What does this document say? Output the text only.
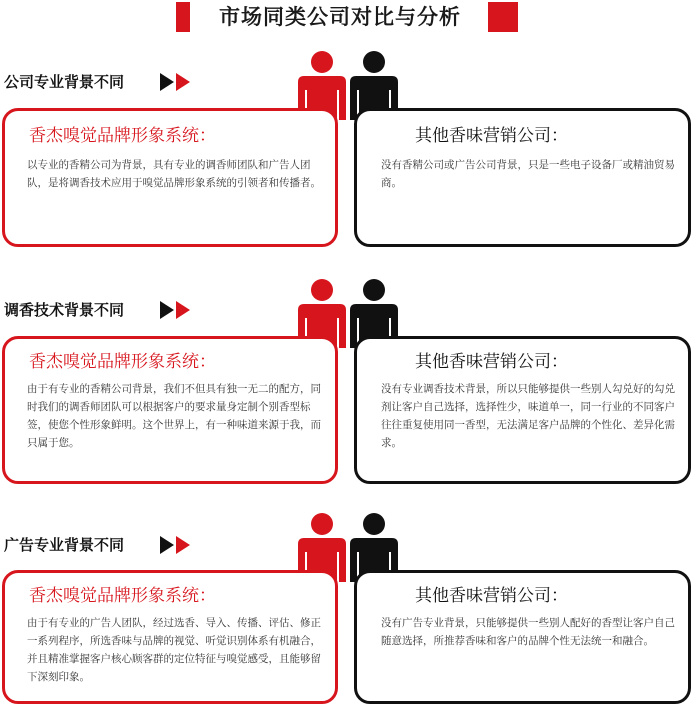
市场同类公司对比与分析
公司专业背景不同
香杰嗅觉品牌形象系统：
以专业的香精公司为背景，具有专业的调香师团队和广告人团队，是将调香技术应用于嗅觉品牌形象系统的引领者和传播者。
其他香味营销公司：
没有香精公司或广告公司背景，只是一些电子设备厂或精油贸易商。
调香技术背景不同
香杰嗅觉品牌形象系统：
由于有专业的香精公司背景，我们不但具有独一无二的配方，同时我们的调香师团队可以根据客户的要求量身定制个别香型标签，使您个性形象鲜明。这个世界上，有一种味道来源于我，而只属于您。
其他香味营销公司：
没有专业调香技术背景，所以只能够提供一些别人勾兑好的勾兑剂让客户自己选择，选择性少，味道单一，同一行业的不同客户往往重复使用同一香型，无法满足客户品牌的个性化、差异化需求。
广告专业背景不同
香杰嗅觉品牌形象系统：
由于有专业的广告人团队，经过选香、导入、传播、评估、修正一系列程序，所选香味与品牌的视觉、听觉识别体系有机融合，并且精准掌握客户核心顾客群的定位特征与嗅觉感受，且能够留下深刻印象。
其他香味营销公司：
没有广告专业背景，只能够提供一些别人配好的香型让客户自己随意选择，所推荐香味和客户的品牌个性无法统一和融合。
